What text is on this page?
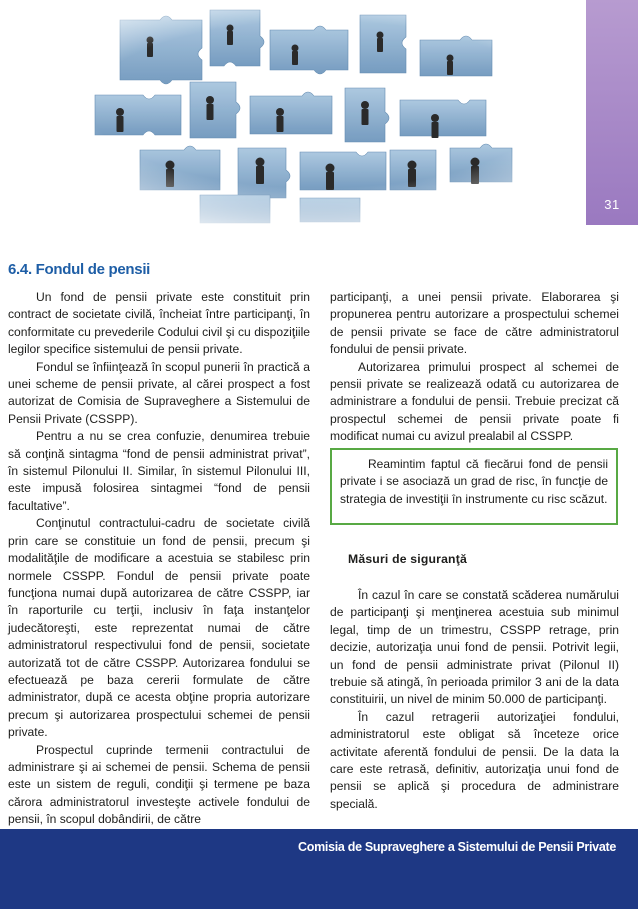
31
6.4. Fondul de pensii

Un fond de pensii private este constituit prin contract de societate civilă, încheiat între participanţi, în conformitate cu prevederile Codului civil şi cu dispoziţiile legilor specifice sistemului de pensii private.

Fondul se înfiinţează în scopul punerii în practică a unei scheme de pensii private, al cărei prospect a fost autorizat de Comisia de Supraveghere a Sistemului de Pensii Private (CSSPP).

Pentru a nu se crea confuzie, denumirea trebuie să conţină sintagma “fond de pensii administrat privat”, în sistemul Pilonului II. Similar, în sistemul Pilonului III, este impusă folosirea sintagmei “fond de pensii facultative”.

Conţinutul contractului-cadru de societate civilă prin care se constituie un fond de pensii, precum şi modalităţile de modificare a acestuia se stabilesc prin normele CSSPP. Fondul de pensii private poate funcţiona numai după autorizarea de către CSSPP, iar în raporturile cu terţii, inclusiv în faţa instanţelor judecătoreşti, este reprezentat numai de către administratorul respectivului fond de pensii, societate autorizată tot de către CSSPP. Autorizarea fondului se efectuează pe baza cererii formulate de către administrator, după ce acesta obţine propria autorizare precum şi autorizarea prospectului schemei de pensii private.

Prospectul cuprinde termenii contractului de administrare şi ai schemei de pensii. Schema de pensii este un sistem de reguli, condiţii şi termene pe baza cărora administratorul investeşte activele fondului de pensii, în scopul dobândirii, de către

participanţi, a unei pensii private. Elaborarea şi propunerea pentru autorizare a prospectului schemei de pensii private se face de către administratorul fondului de pensii private.

Autorizarea primului prospect al schemei de pensii private se realizează odată cu autorizarea de administrare a fondului de pensii. Trebuie precizat că prospectul schemei de pensii private poate fi modificat numai cu avizul prealabil al CSSPP.

Reamintim faptul că fiecărui fond de pensii private i se asociază un grad de risc, în funcţie de strategia de investiţii în instrumente cu risc scăzut.

Măsuri de siguranţă

În cazul în care se constată scăderea numărului de participanţi şi menţinerea acestuia sub minimul legal, timp de un trimestru, CSSPP retrage, prin decizie, autorizaţia unui fond de pensii. Potrivit legii, un fond de pensii administrate privat (Pilonul II) trebuie să atingă, în perioada primilor 3 ani de la data constituirii, un nivel de minim 50.000 de participanţi.

În cazul retragerii autorizaţiei fondului, administratorul este obligat să înceteze orice activitate aferentă fondului de pensii. De la data la care este retrasă, definitiv, autorizaţia unui fond de pensii se aplică şi procedura de administrare specială.

Comisia de Supraveghere a Sistemului de Pensii Private
